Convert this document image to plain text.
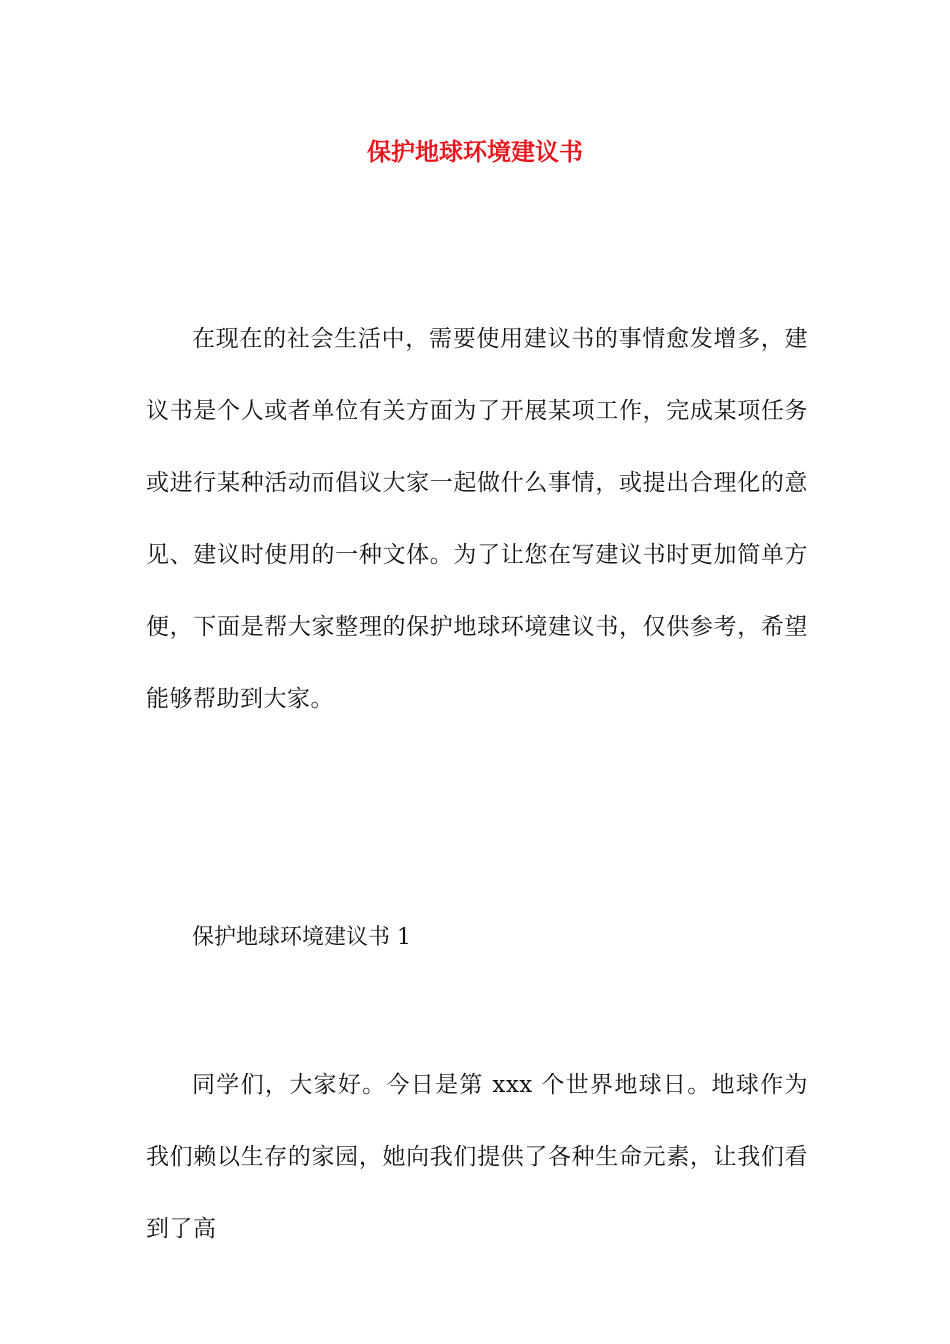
保护地球环境建议书

在现在的社会生活中，需要使用建议书的事情愈发增多，建议书是个人或者单位有关方面为了开展某项工作，完成某项任务或进行某种活动而倡议大家一起做什么事情，或提出合理化的意见、建议时使用的一种文体。为了让您在写建议书时更加简单方便，下面是帮大家整理的保护地球环境建议书，仅供参考，希望能够帮助到大家。

保护地球环境建议书 1

同学们，大家好。今日是第 xxx 个世界地球日。地球作为我们赖以生存的家园，她向我们提供了各种生命元素，让我们看到了高
